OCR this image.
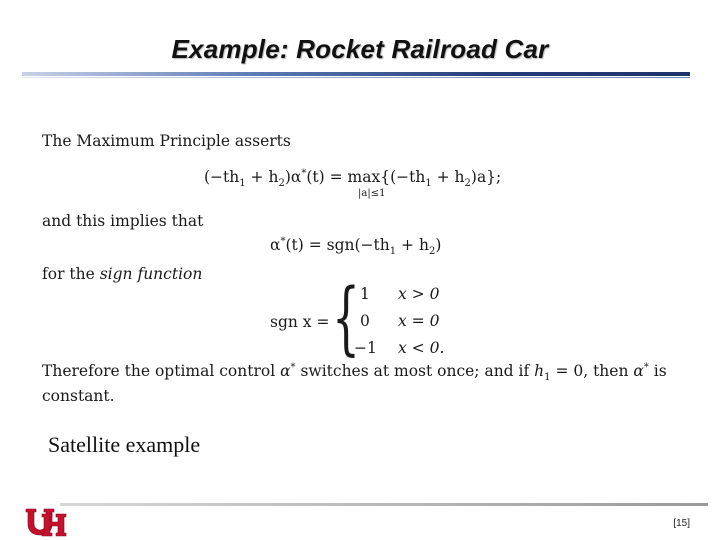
Example: Rocket Railroad Car
The Maximum Principle asserts
$(-th_1 + h_2)\alpha^*(t) = \max\{(-th_1 + h_2)a\}$;
|a|≤1
and this implies that
$\alpha^*(t) = sgn(-th_1 + h_2)$
for the sign function
sgn x = { 1 x > 0
0 x = 0
−1 x < 0.
Therefore the optimal control α* switches at most once; and if $h_1 = 0$, then α* is
constant.
Satellite example
[15]
